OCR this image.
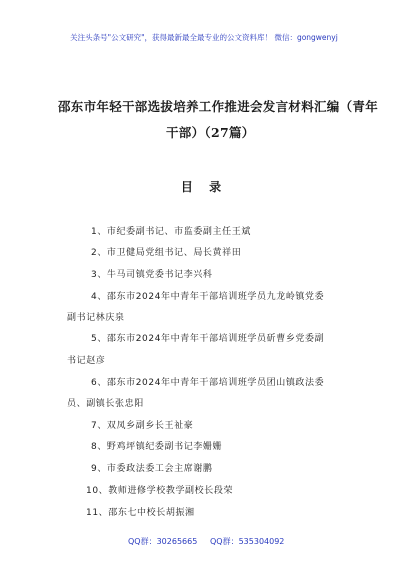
关注头条号"公文研究"，获得最新最全最专业的公文资料库！ 微信：gongwenyj
邵东市年轻干部选拔培养工作推进会发言材料汇编（青年
干部）（27篇）
目 录
1、市纪委副书记、市监委副主任王斌
2、市卫健局党组书记、局长黄祥田
3、牛马司镇党委书记李兴科
4、邵东市2024年中青年干部培训班学员九龙岭镇党委
副书记林庆泉
5、邵东市2024年中青年干部培训班学员斫曹乡党委副
书记赵彦
6、邵东市2024年中青年干部培训班学员团山镇政法委
员、副镇长张忠阳
7、双凤乡副乡长王祉豪
8、野鸡坪镇纪委副书记李姗姗
9、市委政法委工会主席谢鹏
10、教师进修学校教学副校长段荣
11、邵东七中校长胡振湘
QQ群：30265665 QQ群：535304092
